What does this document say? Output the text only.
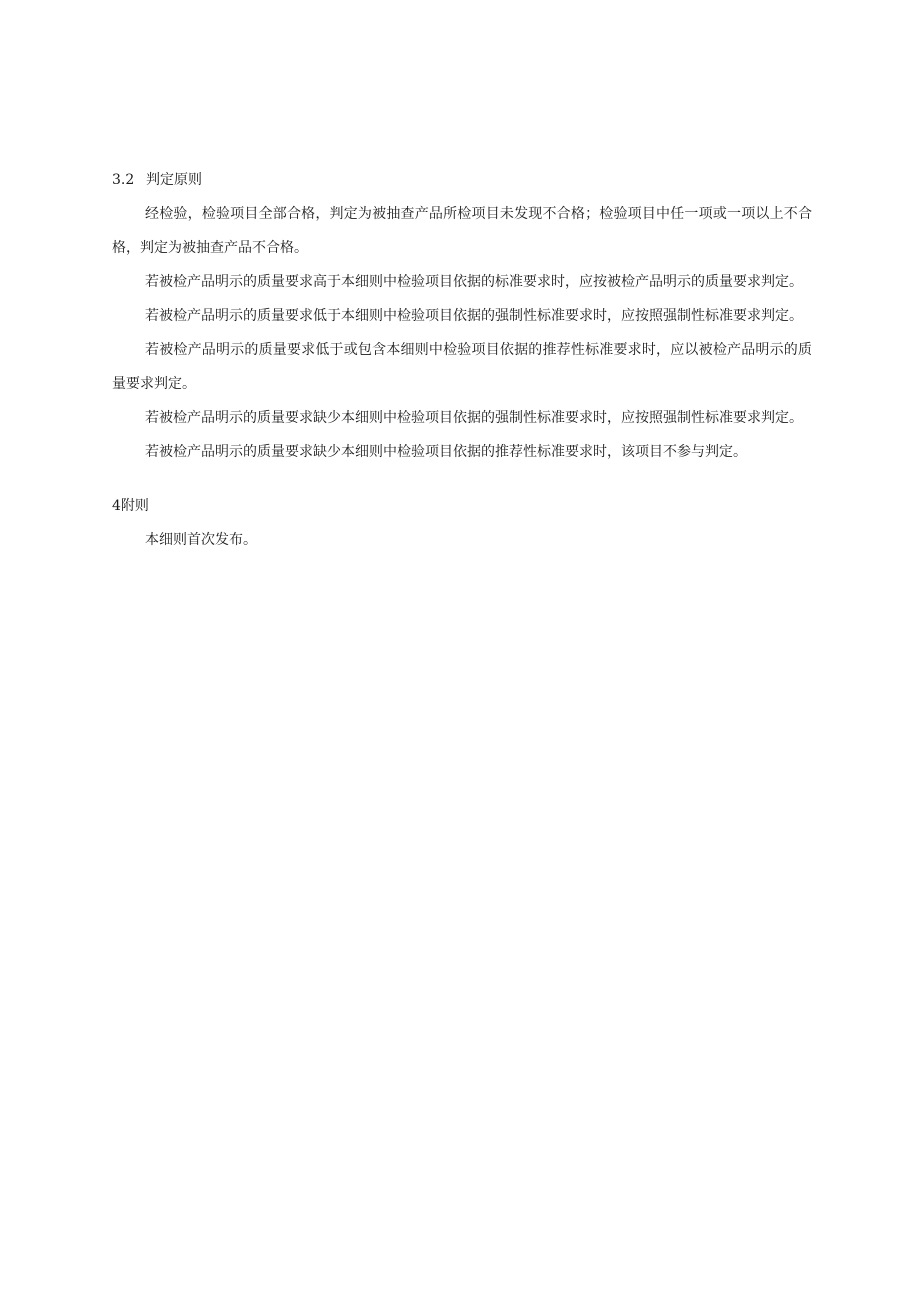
3.2 判定原则

经检验，检验项目全部合格，判定为被抽查产品所检项目未发现不合格；检验项目中任一项或一项以上不合格，判定为被抽查产品不合格。

若被检产品明示的质量要求高于本细则中检验项目依据的标准要求时，应按被检产品明示的质量要求判定。

若被检产品明示的质量要求低于本细则中检验项目依据的强制性标准要求时，应按照强制性标准要求判定。

若被检产品明示的质量要求低于或包含本细则中检验项目依据的推荐性标准要求时，应以被检产品明示的质量要求判定。

若被检产品明示的质量要求缺少本细则中检验项目依据的强制性标准要求时，应按照强制性标准要求判定。

若被检产品明示的质量要求缺少本细则中检验项目依据的推荐性标准要求时，该项目不参与判定。

4附则

本细则首次发布。
